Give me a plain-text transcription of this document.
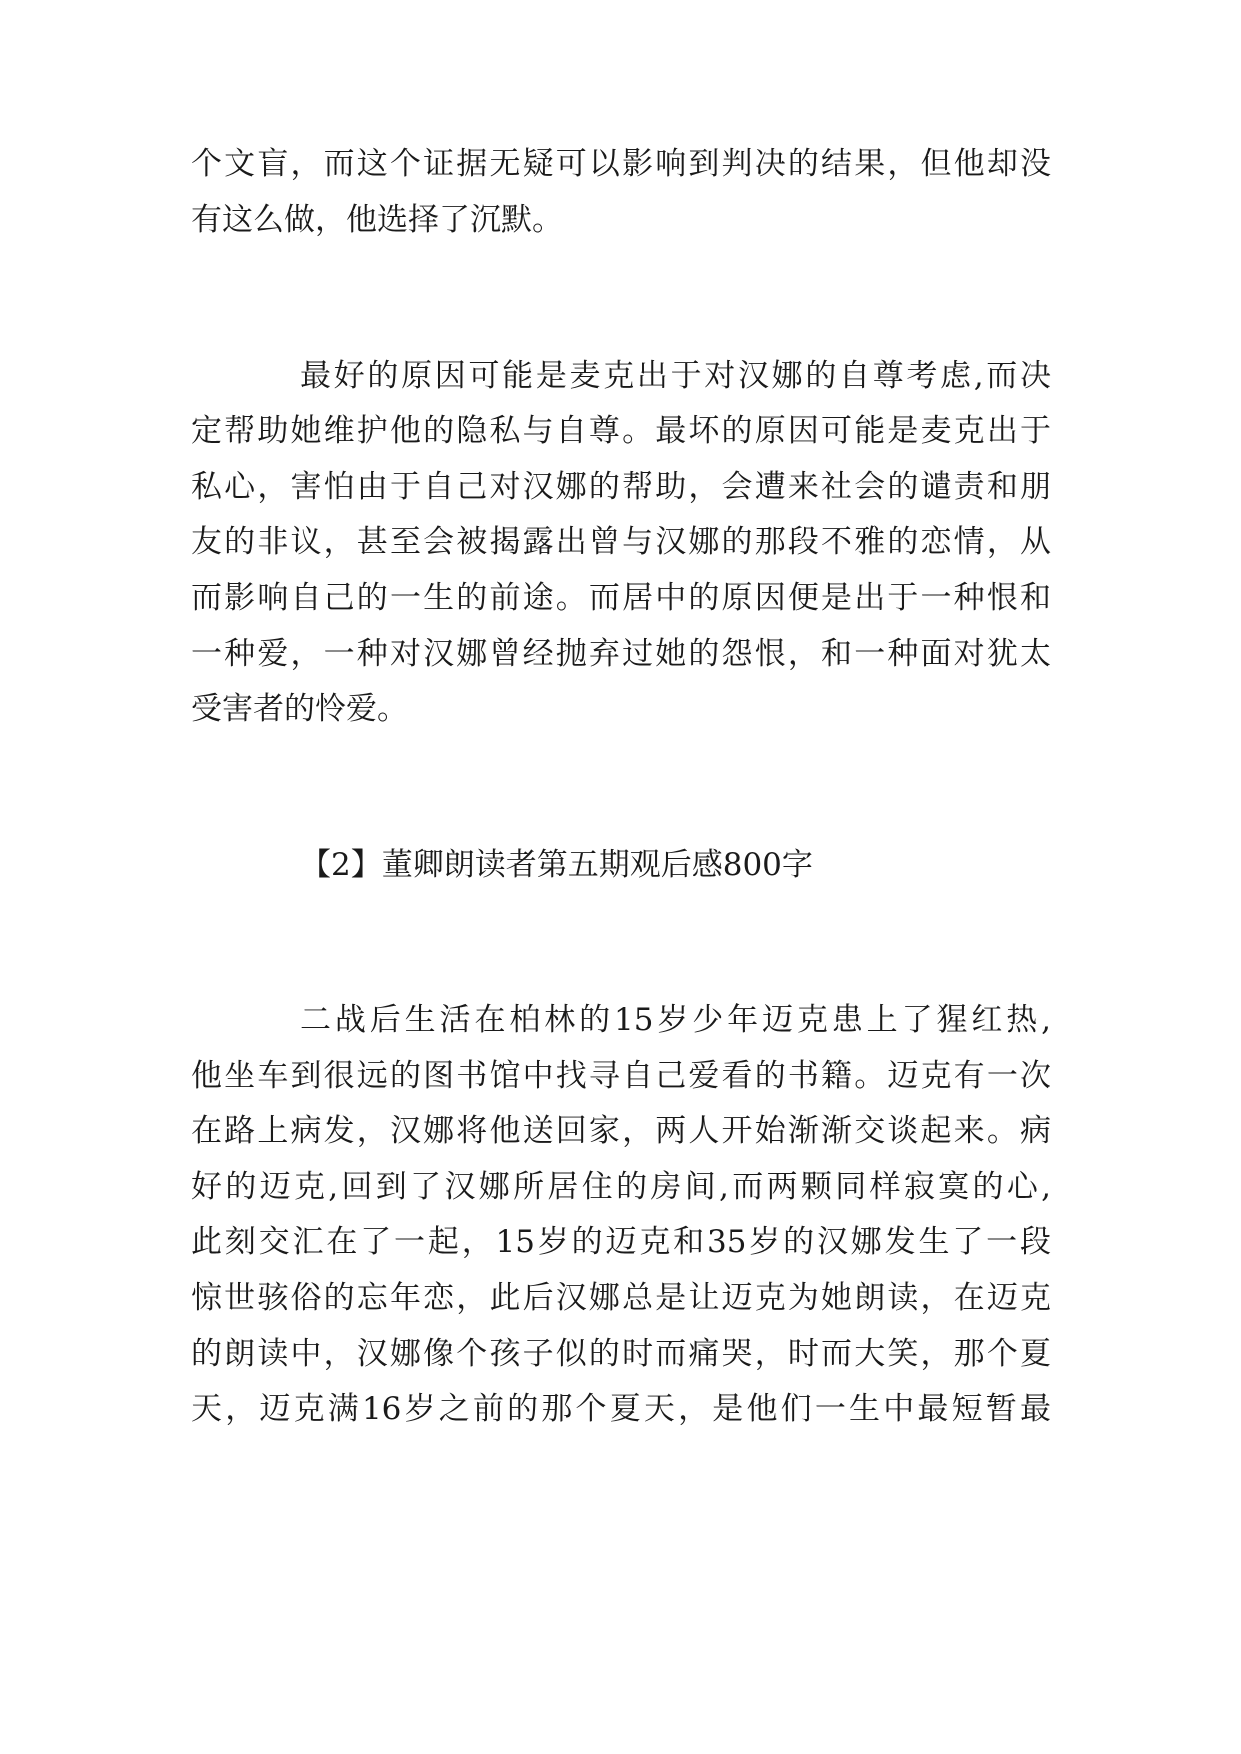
个文盲，而这个证据无疑可以影响到判决的结果，但他却没
有这么做，他选择了沉默。
最好的原因可能是麦克出于对汉娜的自尊考虑,而决
定帮助她维护他的隐私与自尊。最坏的原因可能是麦克出于
私心，害怕由于自己对汉娜的帮助，会遭来社会的谴责和朋
友的非议，甚至会被揭露出曾与汉娜的那段不雅的恋情，从
而影响自己的一生的前途。而居中的原因便是出于一种恨和
一种爱，一种对汉娜曾经抛弃过她的怨恨，和一种面对犹太
受害者的怜爱。
【2】董卿朗读者第五期观后感800字
二战后生活在柏林的15岁少年迈克患上了猩红热,
他坐车到很远的图书馆中找寻自己爱看的书籍。迈克有一次
在路上病发，汉娜将他送回家，两人开始渐渐交谈起来。病
好的迈克,回到了汉娜所居住的房间,而两颗同样寂寞的心,
此刻交汇在了一起，15岁的迈克和35岁的汉娜发生了一段
惊世骇俗的忘年恋，此后汉娜总是让迈克为她朗读，在迈克
的朗读中，汉娜像个孩子似的时而痛哭，时而大笑，那个夏
天，迈克满16岁之前的那个夏天，是他们一生中最短暂最
